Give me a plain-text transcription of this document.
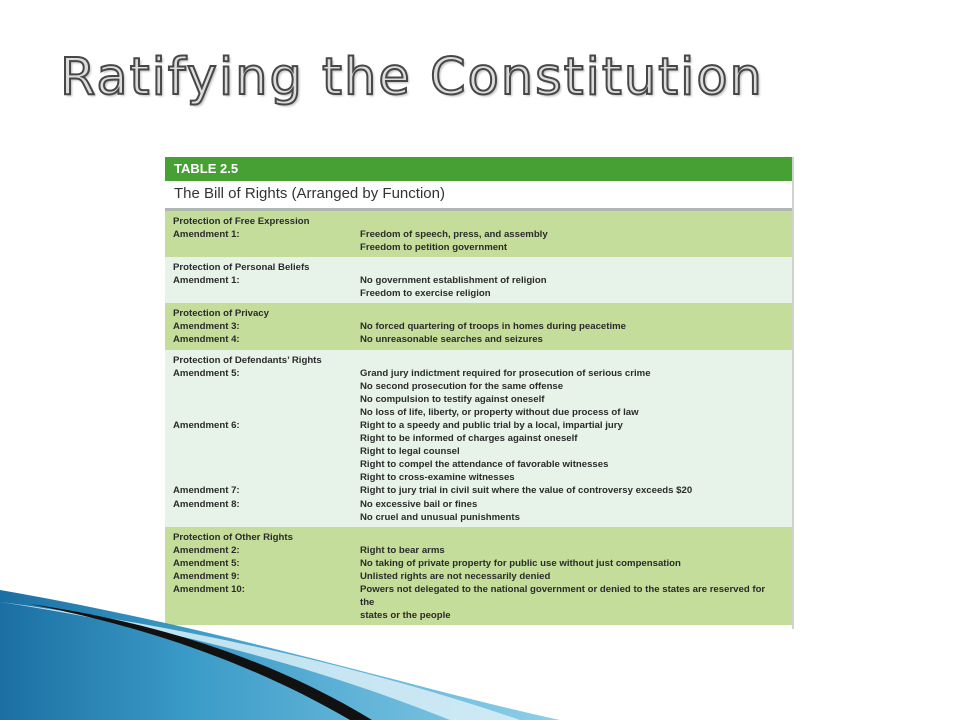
Ratifying the Constitution
TABLE 2.5
The Bill of Rights (Arranged by Function)
Protection of Free Expression
Amendment 1:	Freedom of speech, press, and assembly
Freedom to petition government
Protection of Personal Beliefs
Amendment 1:	No government establishment of religion
Freedom to exercise religion
Protection of Privacy
Amendment 3:	No forced quartering of troops in homes during peacetime
Amendment 4:	No unreasonable searches and seizures
Protection of Defendants’ Rights
Amendment 5:	Grand jury indictment required for prosecution of serious crime
No second prosecution for the same offense
No compulsion to testify against oneself
No loss of life, liberty, or property without due process of law
Amendment 6:	Right to a speedy and public trial by a local, impartial jury
Right to be informed of charges against oneself
Right to legal counsel
Right to compel the attendance of favorable witnesses
Right to cross-examine witnesses
Amendment 7:	Right to jury trial in civil suit where the value of controversy exceeds $20
Amendment 8:	No excessive bail or fines
No cruel and unusual punishments
Protection of Other Rights
Amendment 2:	Right to bear arms
Amendment 5:	No taking of private property for public use without just compensation
Amendment 9:	Unlisted rights are not necessarily denied
Amendment 10:	Powers not delegated to the national government or denied to the states are reserved for the
states or the people
